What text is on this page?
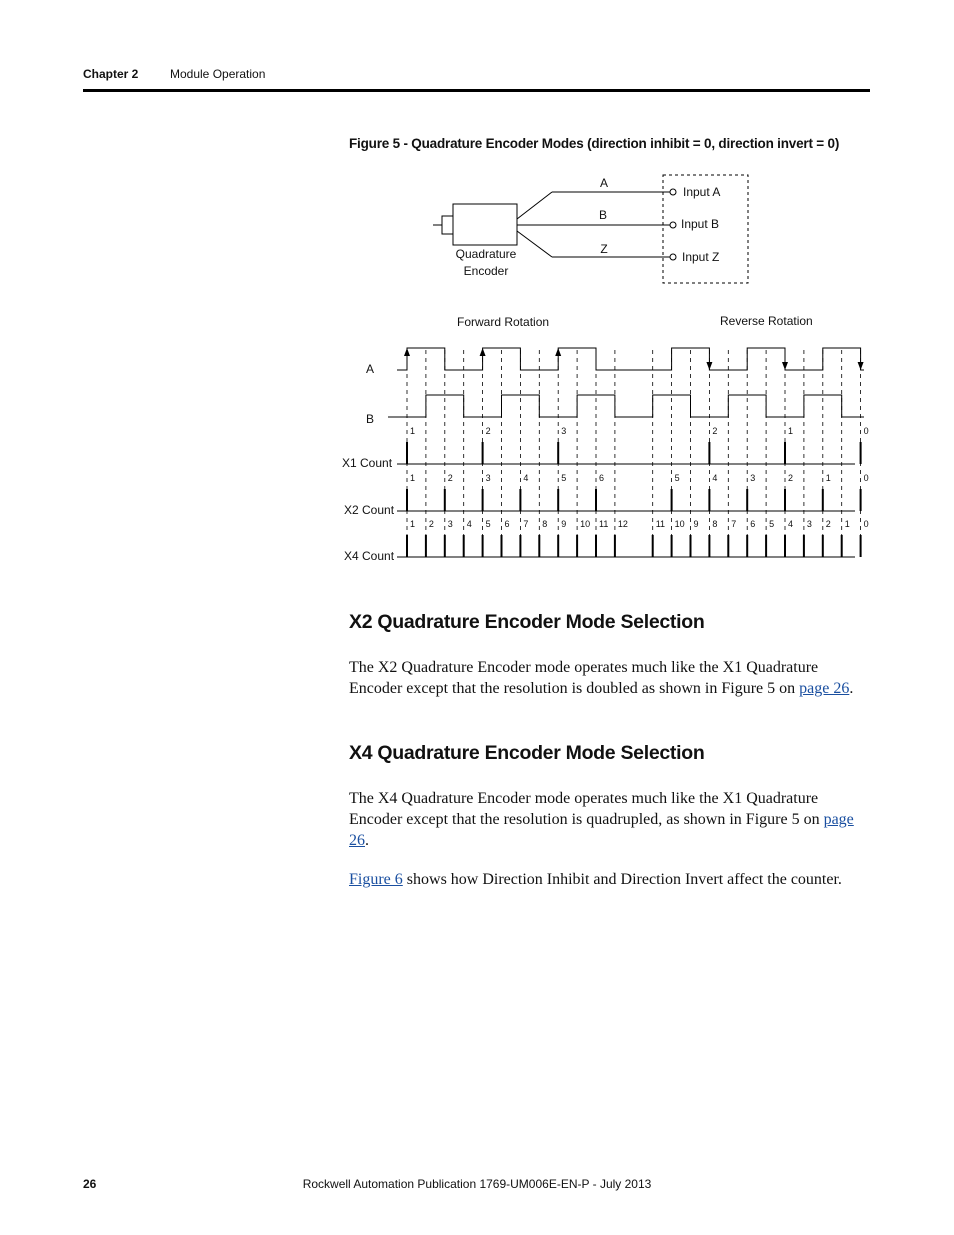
Chapter 2	Module Operation
Figure 5 - Quadrature Encoder Modes (direction inhibit = 0, direction invert = 0)
Quadrature
Encoder
A
B
Z
Input A
Input B
Input Z
Forward Rotation	Reverse Rotation
A
B
X1 Count
X2 Count
X4 Count
1	2	3	2	1	0
1	2	3	4	5	6	5	4	3	2	1	0
1 2 3 4 5 6 7 8 9 10 11 12	11 10 9 8 7 6 5 4 3 2 1 0
X2 Quadrature Encoder Mode Selection

The X2 Quadrature Encoder mode operates much like the X1 Quadrature Encoder except that the resolution is doubled as shown in Figure 5 on page 26.

X4 Quadrature Encoder Mode Selection

The X4 Quadrature Encoder mode operates much like the X1 Quadrature Encoder except that the resolution is quadrupled, as shown in Figure 5 on page 26.

Figure 6 shows how Direction Inhibit and Direction Invert affect the counter.

26	Rockwell Automation Publication 1769-UM006E-EN-P - July 2013
